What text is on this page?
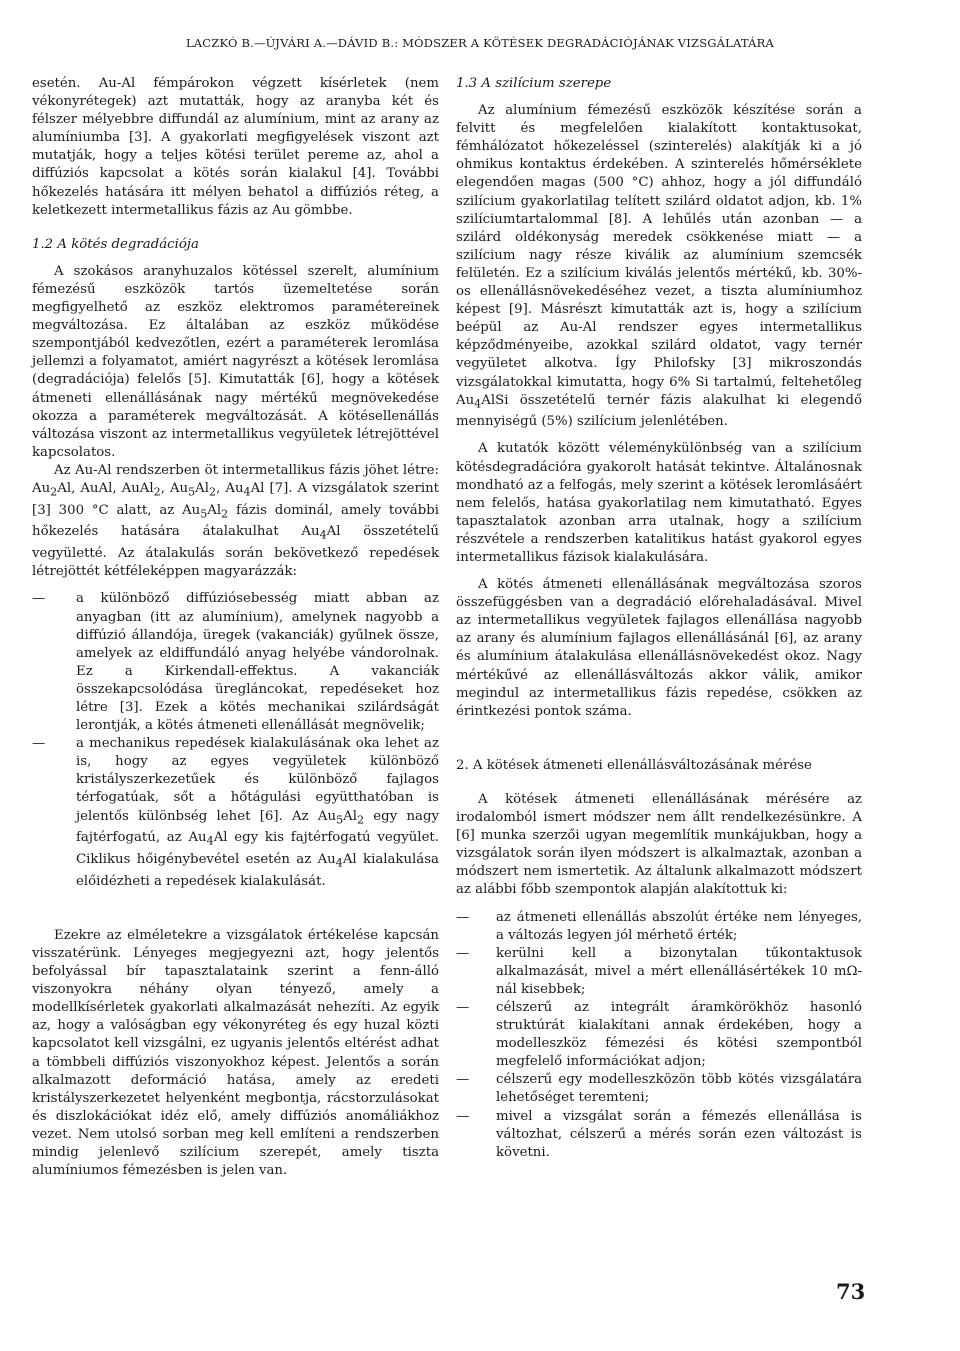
LACZKÓ B.—ÚJVÁRI A.—DÁVID B.: MÓDSZER A KÖTÉSEK DEGRADÁCIÓJÁNAK VIZSGÁLATÁRA

esetén. Au-Al fémpárokon végzett kísérletek (nem vékonyrétegek) azt mutatták, hogy az aranyba két és félszer mélyebbre diffundál az alumínium, mint az arany az alumíniumba [3]. A gyakorlati megfigyelések viszont azt mutatják, hogy a teljes kötési terület pereme az, ahol a diffúziós kapcsolat a kötés során kialakul [4]. További hőkezelés hatására itt mélyen behatol a diffúziós réteg, a keletkezett intermetallikus fázis az Au gömbbe.

1.2 A kötés degradációja

A szokásos aranyhuzalos kötéssel szerelt, alumínium fémezésű eszközök tartós üzemeltetése során megfigyelhető az eszköz elektromos paramétereinek megváltozása. Ez általában az eszköz működése szempontjából kedvezőtlen, ezért a paraméterek leromlása jellemzi a folyamatot, amiért nagyrészt a kötések leromlása (degradációja) felelős [5]. Kimutatták [6], hogy a kötések átmeneti ellenállásának nagy mértékű megnövekedése okozza a paraméterek megváltozását. A kötésellenállás változása viszont az intermetallikus vegyületek létrejöttével kapcsolatos.

Az Au-Al rendszerben öt intermetallikus fázis jöhet létre: $Au_2Al$, AuAl, AuAl$_2$, $Au_5Al_2$, $Au_4Al$ [7]. A vizsgálatok szerint [3] 300 °C alatt, az $Au_5Al_2$ fázis dominál, amely további hőkezelés hatására átalakulhat $Au_4Al$ összetételű vegyületté. Az átalakulás során bekövetkező repedések létrejöttét kétféleképpen magyarázzák:

— a különböző diffúziósebesség miatt abban az anyagban (itt az alumínium), amelynek nagyobb a diffúzió állandója, üregek (vakanciák) gyűlnek össze, amelyek az eldiffundáló anyag helyébe vándorolnak. Ez a Kirkendall-effektus. A vakanciák összekapcsolódása üregláncokat, repedéseket hoz létre [3]. Ezek a kötés mechanikai szilárdságát lerontják, a kötés átmeneti ellenállását megnövelik;
— a mechanikus repedések kialakulásának oka lehet az is, hogy az egyes vegyületek különböző kristályszerkezetűek és különböző fajlagos térfogatúak, sőt a hőtágulási együtthatóban is jelentős különbség lehet [6]. Az $Au_5Al_2$ egy nagy fajtérfogatú, az $Au_4Al$ egy kis fajtérfogatú vegyület. Ciklikus hőigénybevétel esetén az $Au_4Al$ kialakulása előidézheti a repedések kialakulását.

Ezekre az elméletekre a vizsgálatok értékelése kapcsán visszatérünk. Lényeges megjegyezni azt, hogy jelentős befolyással bír tapasztalataink szerint a fenn-álló viszonyokra néhány olyan tényező, amely a modellkísérletek gyakorlati alkalmazását nehezíti. Az egyik az, hogy a valóságban egy vékonyréteg és egy huzal közti kapcsolatot kell vizsgálni, ez ugyanis jelentős eltérést adhat a tömbbeli diffúziós viszonyokhoz képest. Jelentős a során alkalmazott deformáció hatása, amely az eredeti kristályszerkezetet helyenként megbontja, rácstorzulásokat és diszlokációkat idéz elő, amely diffúziós anomáliákhoz vezet. Nem utolsó sorban meg kell említeni a rendszerben mindig jelenlevő szilícium szerepét, amely tiszta alumíniumos fémezésben is jelen van.

1.3 A szilícium szerepe

Az alumínium fémezésű eszközök készítése során a felvitt és megfelelően kialakított kontaktusokat, fémhálózatot hőkezeléssel (szinterelés) alakítják ki a jó ohmikus kontaktus érdekében. A szinterelés hőmérséklete elegendően magas (500 °C) ahhoz, hogy a jól diffundáló szilícium gyakorlatilag telített szilárd oldatot adjon, kb. 1% szilíciumtartalommal [8]. A lehűlés után azonban — a szilárd oldékonyság meredek csökkenése miatt — a szilícium nagy része kiválik az alumínium szemcsék felületén. Ez a szilícium kiválás jelentős mértékű, kb. 30%-os ellenállásnövekedéséhez vezet, a tiszta alumíniumhoz képest [9]. Másrészt kimutatták azt is, hogy a szilícium beépül az Au-Al rendszer egyes intermetallikus képződményeibe, azokkal szilárd oldatot, vagy ternér vegyületet alkotva. Így Philofsky [3] mikroszondás vizsgálatokkal kimutatta, hogy 6% Si tartalmú, feltehetőleg $Au_4AlSi$ összetételű ternér fázis alakulhat ki elegendő mennyiségű (5%) szilícium jelenlétében.

A kutatók között véleménykülönbség van a szilícium kötésdegradációra gyakorolt hatását tekintve. Általánosnak mondható az a felfogás, mely szerint a kötések leromlásáért nem felelős, hatása gyakorlatilag nem kimutatható. Egyes tapasztalatok azonban arra utalnak, hogy a szilícium részvétele a rendszerben katalitikus hatást gyakorol egyes intermetallikus fázisok kialakulására.

A kötés átmeneti ellenállásának megváltozása szoros összefüggésben van a degradáció előrehaladásával. Mivel az intermetallikus vegyületek fajlagos ellenállása nagyobb az arany és alumínium fajlagos ellenállásánál [6], az arany és alumínium átalakulása ellenállásnövekedést okoz. Nagy mértékűvé az ellenállásváltozás akkor válik, amikor megindul az intermetallikus fázis repedése, csökken az érintkezési pontok száma.

2. A kötések átmeneti ellenállásváltozásának mérése

A kötések átmeneti ellenállásának mérésére az irodalomból ismert módszer nem állt rendelkezésünkre. A [6] munka szerzői ugyan megemlítik munkájukban, hogy a vizsgálatok során ilyen módszert is alkalmaztak, azonban a módszert nem ismertetik. Az általunk alkalmazott módszert az alábbi főbb szempontok alapján alakítottuk ki:

— az átmeneti ellenállás abszolút értéke nem lényeges, a változás legyen jól mérhető érték;
— kerülni kell a bizonytalan tűkontaktusok alkalmazását, mivel a mért ellenállásértékek 10 mΩ-nál kisebbek;
— célszerű az integrált áramkörökhöz hasonló struktúrát kialakítani annak érdekében, hogy a modelleszköz fémezési és kötési szempontból megfelelő információkat adjon;
— célszerű egy modelleszközön több kötés vizsgálatára lehetőséget teremteni;
— mivel a vizsgálat során a fémezés ellenállása is változhat, célszerű a mérés során ezen változást is követni.
73
